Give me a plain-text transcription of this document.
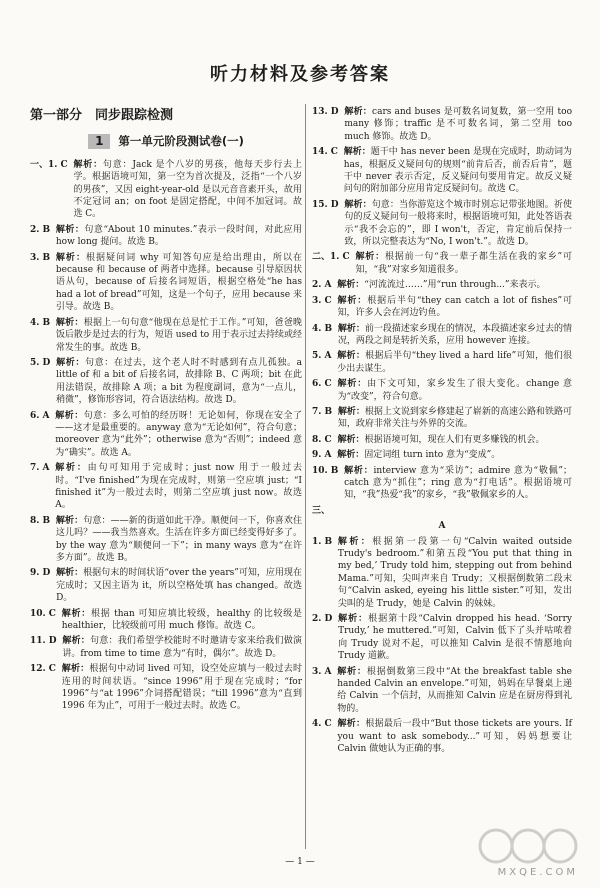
听力材料及参考答案
第一部分　同步跟踪检测
1	第一单元阶段测试卷(一)
一、1. C
解析：句意：Jack 是个八岁的男孩，他每天步行去上学。根据语境可知，第一空为首次提及，泛指“一个八岁的男孩”，又因 eight-year-old 是以元音音素开头，故用不定冠词 an；on foot 是固定搭配，中间不加冠词。故选 C。
2. B
解析：句意“About 10 minutes.”表示一段时间，对此应用 how long 提问。故选 B。
3. B
解析：根据疑问词 why 可知答句应是给出理由，所以在 because 和 because of 两者中选择。because 引导原因状语从句，because of 后接名词短语，根据空格处“he has had a lot of bread”可知，这是一个句子，应用 because 来引导。故选 B。
4. B
解析：根据上一句句意“他现在总是忙于工作。”可知，爸爸晚饭后散步是过去的行为，短语 used to 用于表示过去持续或经常发生的事。故选 B。
5. D
解析：句意：在过去，这个老人时不时感到有点儿孤独。a little of 和 a bit of 后接名词，故排除 B、C 两项；bit 在此用法错误，故排除 A 项；a bit 为程度副词，意为“一点儿，稍微”，修饰形容词，符合语法结构。故选 D。
6. A
解析：句意：多么可怕的经历呀！无论如何，你现在安全了——这才是最重要的。anyway 意为“无论如何”，符合句意；moreover 意为“此外”；otherwise 意为“否则”；indeed 意为“确实”。故选 A。
7. A
解析：由句可知用于完成时；just now 用于一般过去时。“I've finished”为现在完成时，则第一空应填 just；“I finished it”为一般过去时，则第二空应填 just now。故选 A。
8. B
解析：句意：——新的街道如此干净。顺便问一下，你喜欢住这儿吗？——我当然喜欢。生活在许多方面已经变得好多了。by the way 意为“顺便问一下”；in many ways 意为“在许多方面”。故选 B。
9. D
解析：根据句末的时间状语“over the years”可知，应用现在完成时；又因主语为 it，所以空格处填 has changed。故选 D。
10. C
解析：根据 than 可知应填比较级，healthy 的比较级是 healthier，比较级前可用 much 修饰。故选 C。
11. D
解析：句意：我们希望学校能时不时邀请专家来给我们做演讲。from time to time 意为“有时，偶尔”。故选 D。
12. C
解析：根据句中动词 lived 可知，设空处应填与一般过去时连用的时间状语。“since 1996”用于现在完成时；“for 1996”与“at 1996”介词搭配错误；“till 1996”意为“直到 1996 年为止”，可用于一般过去时。故选 C。
13. D
解析：cars and buses 是可数名词复数，第一空用 too many 修饰；traffic 是不可数名词，第二空用 too much 修饰。故选 D。
14. C
解析：题干中 has never been 是现在完成时，助动词为 has，根据反义疑问句的规则“前肯后否，前否后肯”，题干中 never 表示否定，反义疑问句要用肯定。故反义疑问句的附加部分应用肯定反疑问句。故选 C。
15. D
解析：句意：当你游览这个城市时别忘记带张地图。祈使句的反义疑问句一般将来时，根据语境可知，此处答语表示“我不会忘的”，即 I won't，否定，肯定前后保持一致，所以完整表达为“No, I won't.”。故选 D。
二、1. C
解析：根据前一句“我一辈子都生活在我的家乡”可知，“我”对家乡知道很多。
2. A
解析：“河流流过……”用“run through...”来表示。
3. C
解析：根据后半句“they can catch a lot of fishes”可知，许多人会在河边钓鱼。
4. B
解析：前一段描述家乡现在的情况，本段描述家乡过去的情况，两段之间是转折关系，应用 however 连接。
5. A
解析：根据后半句“they lived a hard life”可知，他们很少出去谋生。
6. C
解析：由下文可知，家乡发生了很大变化。change 意为“改变”，符合句意。
7. B
解析：根据上文说到家乡修建起了崭新的高速公路和铁路可知，政府非常关注与外界的交流。
8. C
解析：根据语境可知，现在人们有更多赚钱的机会。
9. A
解析：固定词组 turn into 意为“变成”。
10. B
解析：interview 意为“采访”；admire 意为“敬佩”；catch 意为“抓住”；ring 意为“打电话”。根据语境可知，“我”热爱“我”的家乡，“我”敬佩家乡的人。
三、
A
1. B
解析：根据第一段第一句“Calvin waited outside Trudy's bedroom.”和第五段“You put that thing in my bed,’ Trudy told him, stepping out from behind Mama.”可知，尖叫声来自 Trudy；又根据倒数第二段末句“Calvin asked, eyeing his little sister.”可知，发出尖叫的是 Trudy，她是 Calvin 的妹妹。
2. D
解析：根据第十段“Calvin dropped his head. ‘Sorry Trudy,’ he muttered.”可知，Calvin 低下了头并咕哝着向 Trudy 说对不起，可以推知 Calvin 是很不情愿地向 Trudy 道歉。
3. A
解析：根据倒数第三段中“At the breakfast table she handed Calvin an envelope.”可知，妈妈在早餐桌上递给 Calvin 一个信封，从而推知 Calvin 应是在厨房得到礼物的。
4. C
解析：根据最后一段中“But those tickets are yours. If you want to ask somebody...”可知，妈妈想要让 Calvin 做她认为正确的事。
— 1 —
MXQE.COM
